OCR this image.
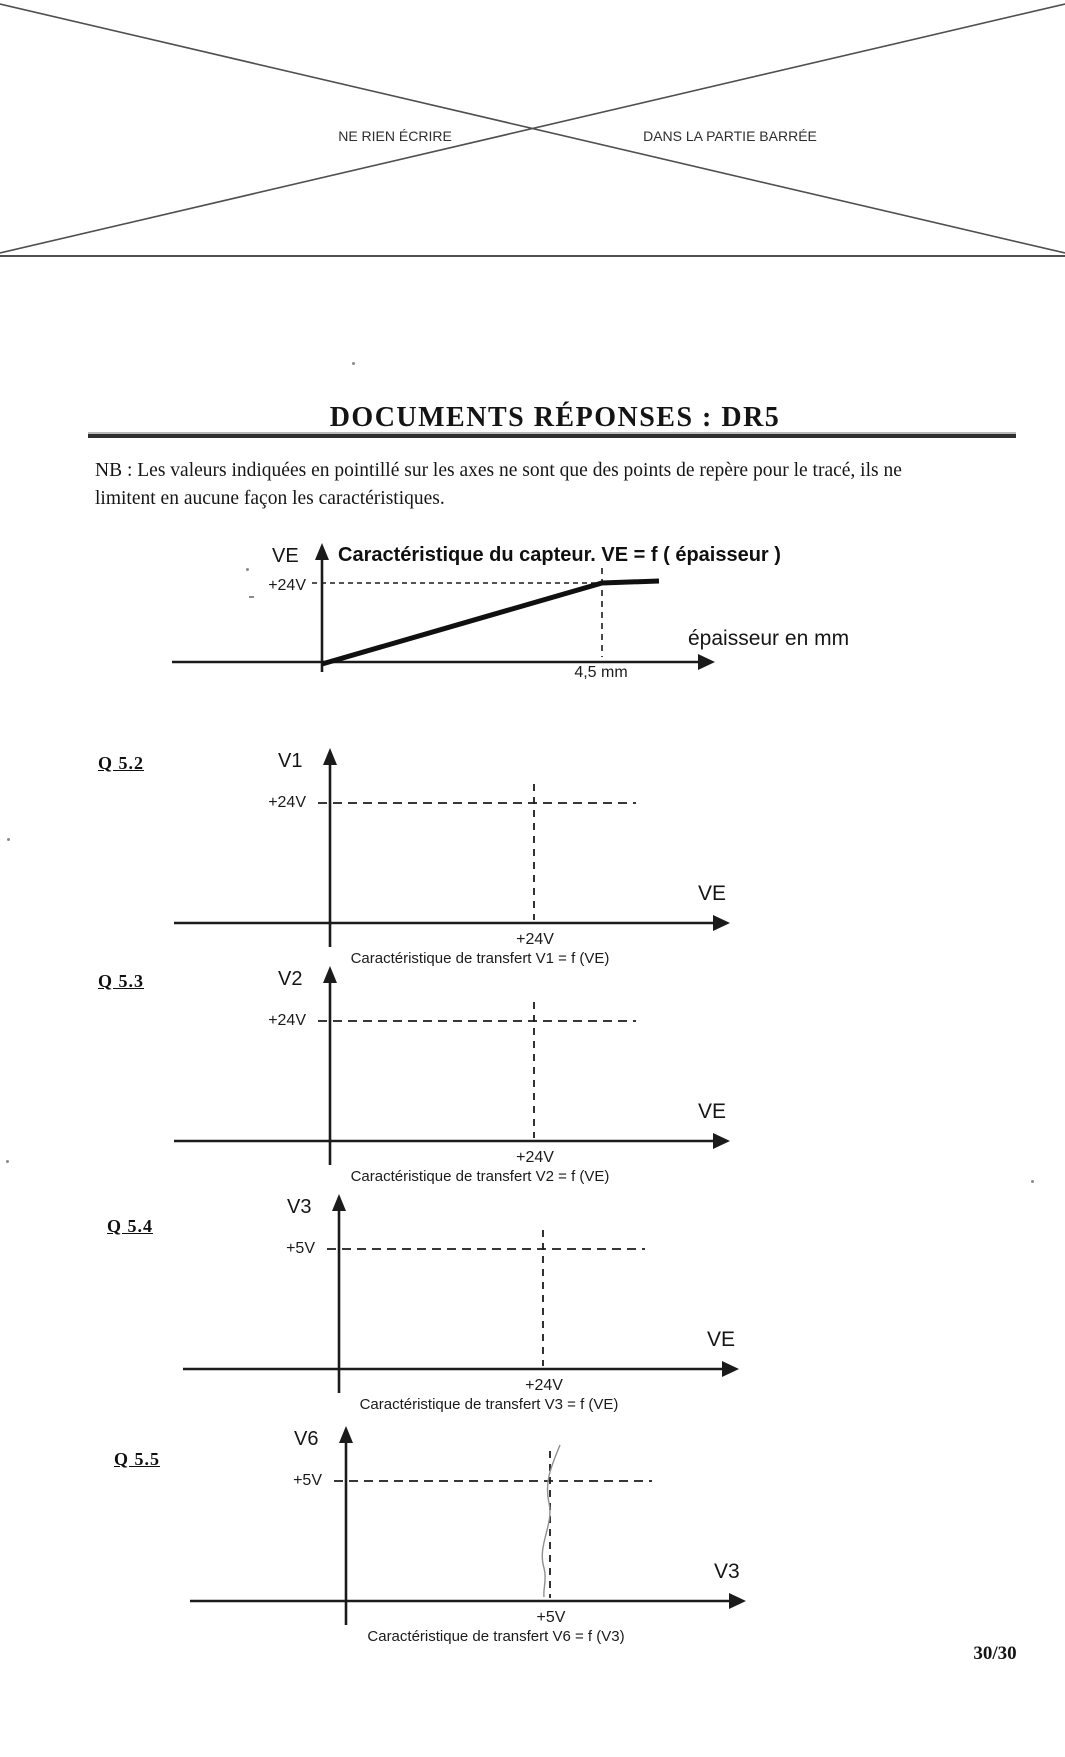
NE RIEN ÉCRIRE	DANS LA PARTIE BARRÉE
DOCUMENTS RÉPONSES : DR5
NB : Les valeurs indiquées en pointillé sur les axes ne sont que des points de repère pour le tracé, ils ne
limitent en aucune façon les caractéristiques.
VE Caractéristique du capteur. VE = f ( épaisseur )
+24V
épaisseur en mm
4,5 mm
Q 5.2	V1
+24V
VE
+24V
Caractéristique de transfert V1 = f (VE)
Q 5.3	V2
+24V
VE
+24V
Caractéristique de transfert V2 = f (VE)
Q 5.4
V3
+5V
VE
+24V
Caractéristique de transfert V3 = f (VE)
Q 5.5
V6
+5V
V3
+5V
Caractéristique de transfert V6 = f (V3)
30/30
